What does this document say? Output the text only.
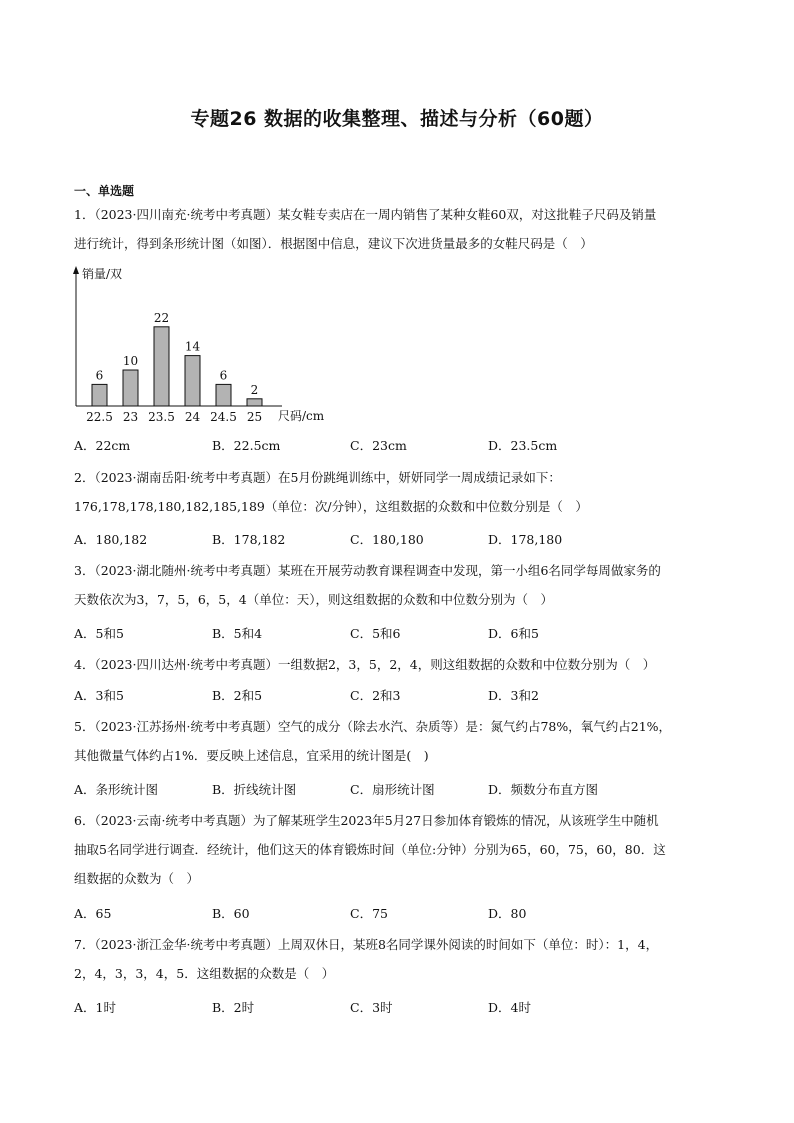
专题26 数据的收集整理、描述与分析（60题）
一、单选题
1．（2023·四川南充·统考中考真题）某女鞋专卖店在一周内销售了某种女鞋60双，对这批鞋子尺码及销量
进行统计，得到条形统计图（如图）．根据图中信息，建议下次进货量最多的女鞋尺码是（　）
销量/双
尺码/cm
6
22.5
10
23
22
23.5
14
24
6
24.5
2
25
A．22cm	B．22.5cm	C．23cm	D．23.5cm
2．（2023·湖南岳阳·统考中考真题）在5月份跳绳训练中，妍妍同学一周成绩记录如下：
176,178,178,180,182,185,189（单位：次/分钟），这组数据的众数和中位数分别是（　）
A．180,182	B．178,182	C．180,180	D．178,180
3．（2023·湖北随州·统考中考真题）某班在开展劳动教育课程调查中发现，第一小组6名同学每周做家务的
天数依次为3，7，5，6，5，4（单位：天），则这组数据的众数和中位数分别为（　）
A．5和5	B．5和4	C．5和6	D．6和5
4．（2023·四川达州·统考中考真题）一组数据2，3，5，2，4，则这组数据的众数和中位数分别为（　）
A．3和5	B．2和5	C．2和3	D．3和2
5．（2023·江苏扬州·统考中考真题）空气的成分（除去水汽、杂质等）是：氮气约占78%，氧气约占21%，
其他微量气体约占1%．要反映上述信息，宜采用的统计图是(　)
A．条形统计图	B．折线统计图	C．扇形统计图	D．频数分布直方图
6．（2023·云南·统考中考真题）为了解某班学生2023年5月27日参加体育锻炼的情况，从该班学生中随机
抽取5名同学进行调查．经统计，他们这天的体育锻炼时间（单位:分钟）分别为65，60，75，60，80．这
组数据的众数为（　）
A．65	B．60	C．75	D．80
7．（2023·浙江金华·统考中考真题）上周双休日，某班8名同学课外阅读的时间如下（单位：时）：1，4，
2，4，3，3，4，5．这组数据的众数是（　）
A．1时	B．2时	C．3时	D．4时
